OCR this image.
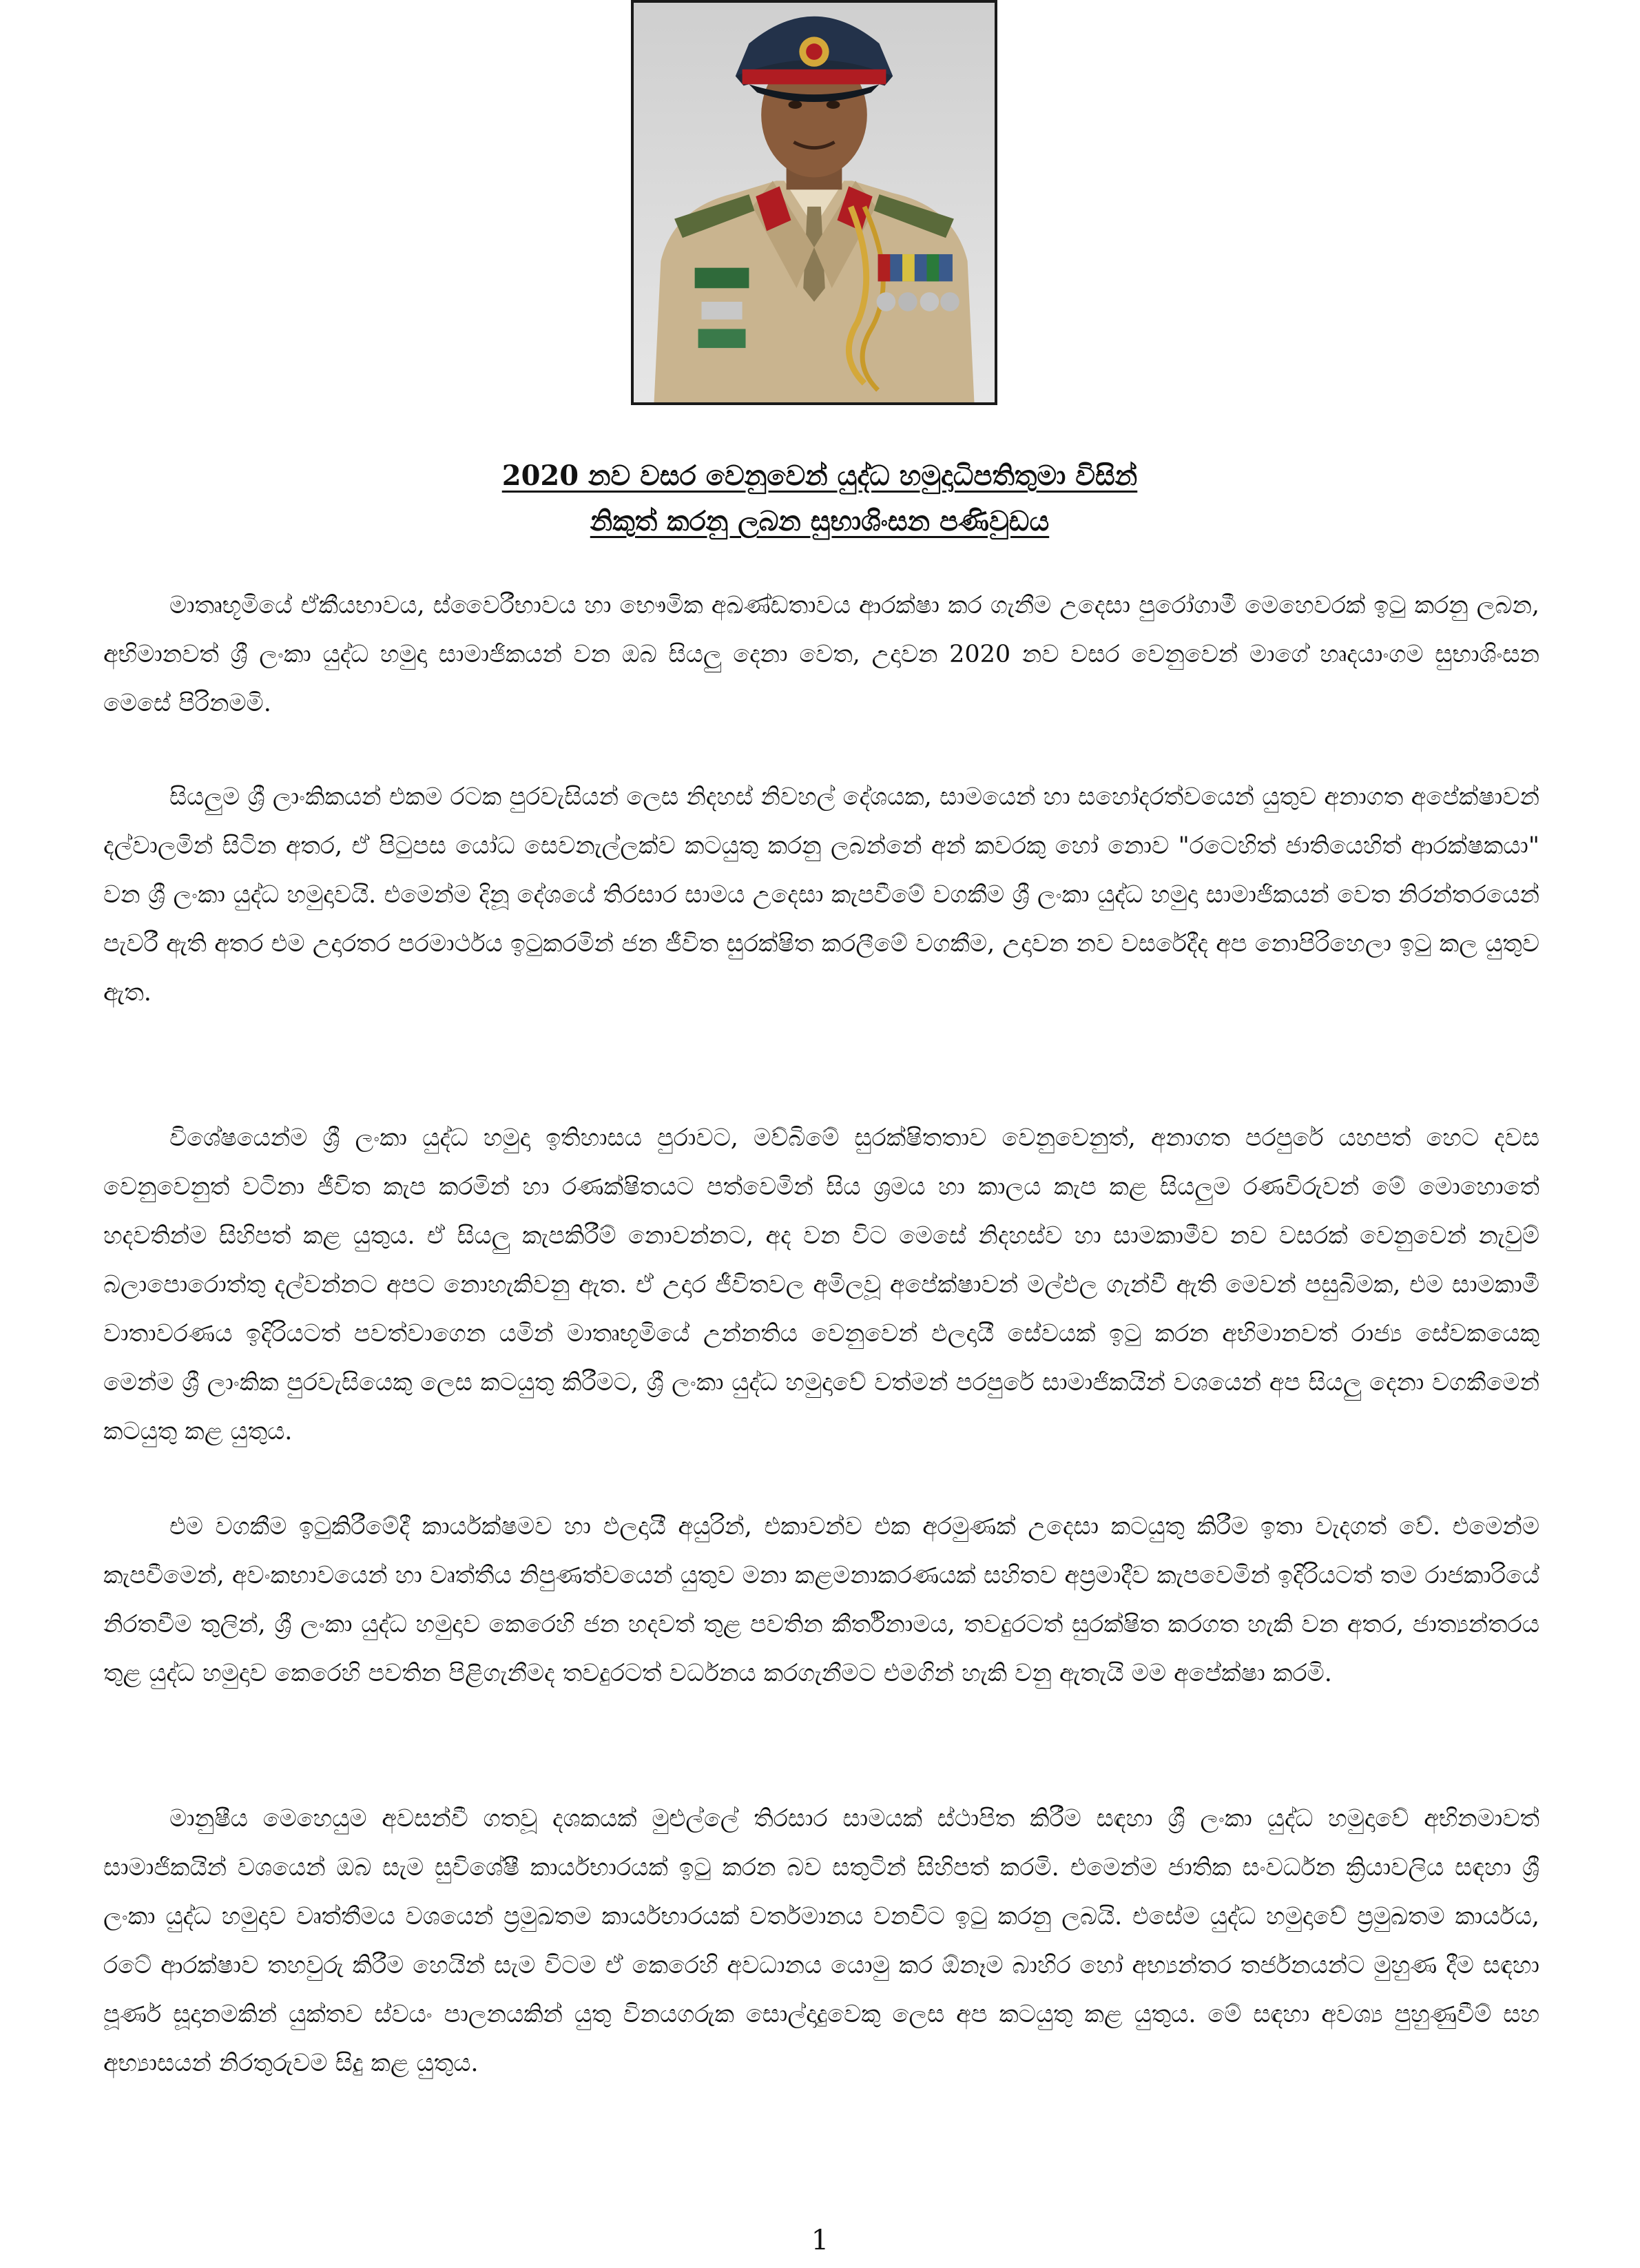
2020 නව වසර වෙනුවෙන් යුද්ධ හමුදාධිපතිතුමා විසින්
නිකුත් කරනු ලබන සුභාශිංසන පණිවුඩය

මාතෘභූමියේ ඒකීයභාවය, ස්වෛරීභාවය හා භෞමික අඛණ්ඩතාවය ආරක්ෂා කර ගැනීම උදෙසා පුරෝගාමී මෙහෙවරක් ඉටු කරනු ලබන, අභිමානවත් ශ්‍රී ලංකා යුද්ධ හමුදා සාමාජිකයන් වන ඔබ සියලු දෙනා වෙත, උදාවන 2020 නව වසර වෙනුවෙන් මාගේ හෘදයාංගම සුභාශිංසන මෙසේ පිරිනමමි.

සියලුම ශ්‍රී ලාංකිකයන් එකම රටක පුරවැසියන් ලෙස නිදහස් නිවහල් දේශයක, සාමයෙන් හා සහෝදරත්වයෙන් යුතුව අනාගත අපේක්ෂාවන් දල්වාලමින් සිටින අතර, ඒ පිටුපස යෝධ සෙවනැල්ලක්ව කටයුතු කරනු ලබන්නේ අන් කවරකු හෝ නොව "රටෙහිත් ජාතියෙහිත් ආරක්ෂකයා" වන ශ්‍රී ලංකා යුද්ධ හමුදාවයි. එමෙන්ම දිනූ දේශයේ තිරසාර සාමය උදෙසා කැපවීමේ වගකීම ශ්‍රී ලංකා යුද්ධ හමුදා සාමාජිකයන් වෙත නිරන්තරයෙන් පැවරී ඇති අතර එම උදාරතර පරමාර්ථය ඉටුකරමින් ජන ජීවිත සුරක්ෂිත කරලීමේ වගකීම, උදාවන නව වසරේදීද අප නොපිරිහෙලා ඉටු කල යුතුව ඇත.

විශේෂයෙන්ම ශ්‍රී ලංකා යුද්ධ හමුදා ඉතිහාසය පුරාවට, මව්බිමේ සුරක්ෂිතතාව වෙනුවෙනුත්, අනාගත පරපුරේ යහපත් හෙට දවස වෙනුවෙනුත් වටිනා ජීවිත කැප කරමින් හා රණක්ෂිතයට පත්වෙමින් සිය ශ්‍රමය හා කාලය කැප කළ සියලුම රණවිරුවන් මේ මොහොතේ හදවතින්ම සිහිපත් කළ යුතුය. ඒ සියලු කැපකිරීම් නොවන්නට, අද වන විට මෙසේ නිදහස්ව හා සාමකාමීව නව වසරක් වෙනුවෙන් නැවුම් බලාපොරොත්තු දල්වන්නට අපට නොහැකිවනු ඇත. ඒ උදාර ජීවිතවල අමිලවූ අපේක්ෂාවන් මල්ඵල ගැන්වී ඇති මෙවන් පසුබිමක, එම සාමකාමී වාතාවරණය ඉදිරියටත් පවත්වාගෙන යමින් මාතෘභූමියේ උන්නතිය වෙනුවෙන් ඵලදායී සේවයක් ඉටු කරන අභිමානවත් රාජ්‍ය සේවකයෙකු මෙන්ම ශ්‍රී ලාංකික පුරවැසියෙකු ලෙස කටයුතු කිරීමට, ශ්‍රී ලංකා යුද්ධ හමුදාවේ වත්මන් පරපුරේ සාමාජිකයින් වශයෙන් අප සියලු දෙනා වගකීමෙන් කටයුතු කළ යුතුය.

එම වගකීම ඉටුකිරීමේදී කාර්යක්ෂමව හා ඵලදායී අයුරින්, එකාවන්ව එක අරමුණක් උදෙසා කටයුතු කිරීම ඉතා වැදගත් වේ. එමෙන්ම කැපවීමෙන්, අවංකභාවයෙන් හා වෘත්තීය නිපුණත්වයෙන් යුතුව මනා කළමනාකරණයක් සහිතව අප්‍රමාදීව කැපවෙමින් ඉදිරියටත් තම රාජකාරියේ නිරතවීම තුලින්, ශ්‍රී ලංකා යුද්ධ හමුදාව කෙරෙහි ජන හදවත් තුළ පවතින කීර්තිනාමය, තවදුරටත් සුරක්ෂිත කරගත හැකි වන අතර, ජාත්‍යන්තරය තුළ යුද්ධ හමුදාව කෙරෙහි පවතින පිළිගැනීමද තවදුරටත් වර්ධනය කරගැනීමට එමගින් හැකි වනු ඇතැයි මම අපේක්ෂා කරමි.

මානුෂීය මෙහෙයුම අවසන්වී ගතවූ දශකයක් මුළුල්ලේ තිරසාර සාමයක් ස්ථාපිත කිරීම සඳහා ශ්‍රී ලංකා යුද්ධ හමුදාවේ අභිනමාවත් සාමාජිකයින් වශයෙන් ඔබ සැම සුවිශේෂී කාර්යභාරයක් ඉටු කරන බව සතුටින් සිහිපත් කරමි. එමෙන්ම ජාතික සංවර්ධන ක්‍රියාවලිය සඳහා ශ්‍රී ලංකා යුද්ධ හමුදාව වෘත්තීමය වශයෙන් ප්‍රමුඛතම කාර්යභාරයක් වර්තමානය වනවිට ඉටු කරනු ලබයි. එසේම යුද්ධ හමුදාවේ ප්‍රමුඛතම කාර්යය, රටේ ආරක්ෂාව තහවුරු කිරීම හෙයින් සැම විටම ඒ කෙරෙහි අවධානය යොමු කර ඕනෑම බාහිර හෝ අභ්‍යන්තර තර්ජනයන්ට මුහුණ දීම සඳහා පූර්ණ සූදානමකින් යුක්තව ස්වයං පාලනයකින් යුතු විනයගරුක සොල්දාදුවෙකු ලෙස අප කටයුතු කළ යුතුය. මේ සඳහා අවශ්‍ය පුහුණුවීම් සහ අභ්‍යාසයන් නිරතුරුවම සිදු කළ යුතුය.

1
